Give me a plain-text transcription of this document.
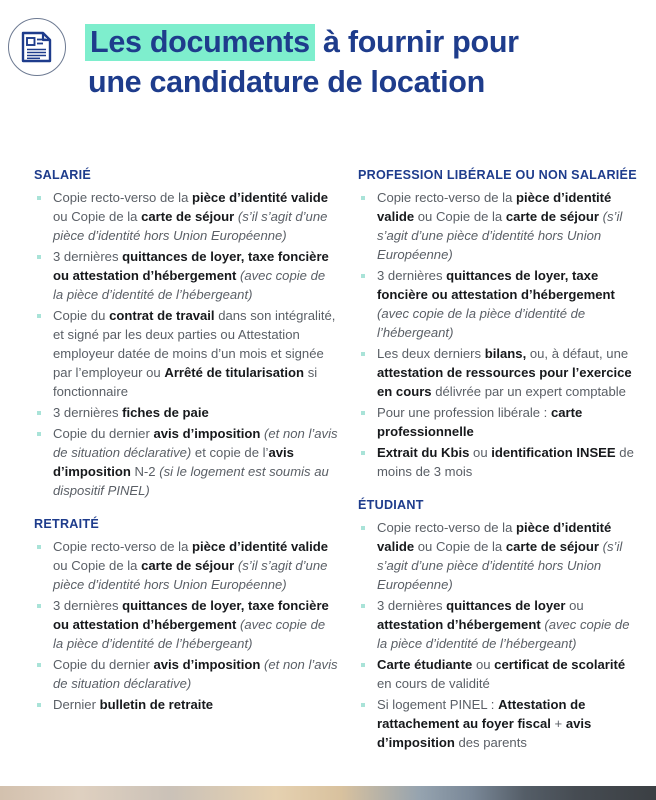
Les documents à fournir pour
une candidature de location
SALARIÉ
Copie recto-verso de la pièce d’identité valide ou Copie de la carte de séjour (s’il s’agit d’une pièce d’identité hors Union Européenne)
3 dernières quittances de loyer, taxe foncière ou attestation d’hébergement (avec copie de la pièce d’identité de l’hébergeant)
Copie du contrat de travail dans son intégralité, et signé par les deux parties ou Attestation employeur datée de moins d’un mois et signée par l’employeur ou Arrêté de titularisation si fonctionnaire
3 dernières fiches de paie
Copie du dernier avis d’imposition (et non l’avis de situation déclarative) et copie de l’avis d’imposition N-2 (si le logement est soumis au dispositif PINEL)
RETRAITÉ
Copie recto-verso de la pièce d’identité valide ou Copie de la carte de séjour (s’il s’agit d’une pièce d’identité hors Union Européenne)
3 dernières quittances de loyer, taxe foncière ou attestation d’hébergement (avec copie de la pièce d’identité de l’hébergeant)
Copie du dernier avis d’imposition (et non l’avis de situation déclarative)
Dernier bulletin de retraite
PROFESSION LIBÉRALE OU NON SALARIÉE
Copie recto-verso de la pièce d’identité valide ou Copie de la carte de séjour (s’il s’agit d’une pièce d’identité hors Union Européenne)
3 dernières quittances de loyer, taxe foncière ou attestation d’hébergement (avec copie de la pièce d’identité de l’hébergeant)
Les deux derniers bilans, ou, à défaut, une attestation de ressources pour l’exercice en cours délivrée par un expert comptable
Pour une profession libérale : carte professionnelle
Extrait du Kbis ou identification INSEE de moins de 3 mois
ÉTUDIANT
Copie recto-verso de la pièce d’identité valide ou Copie de la carte de séjour (s’il s’agit d’une pièce d’identité hors Union Européenne)
3 dernières quittances de loyer ou attestation d’hébergement (avec copie de la pièce d’identité de l’hébergeant)
Carte étudiante ou certificat de scolarité en cours de validité
Si logement PINEL : Attestation de rattachement au foyer fiscal + avis d’imposition des parents
